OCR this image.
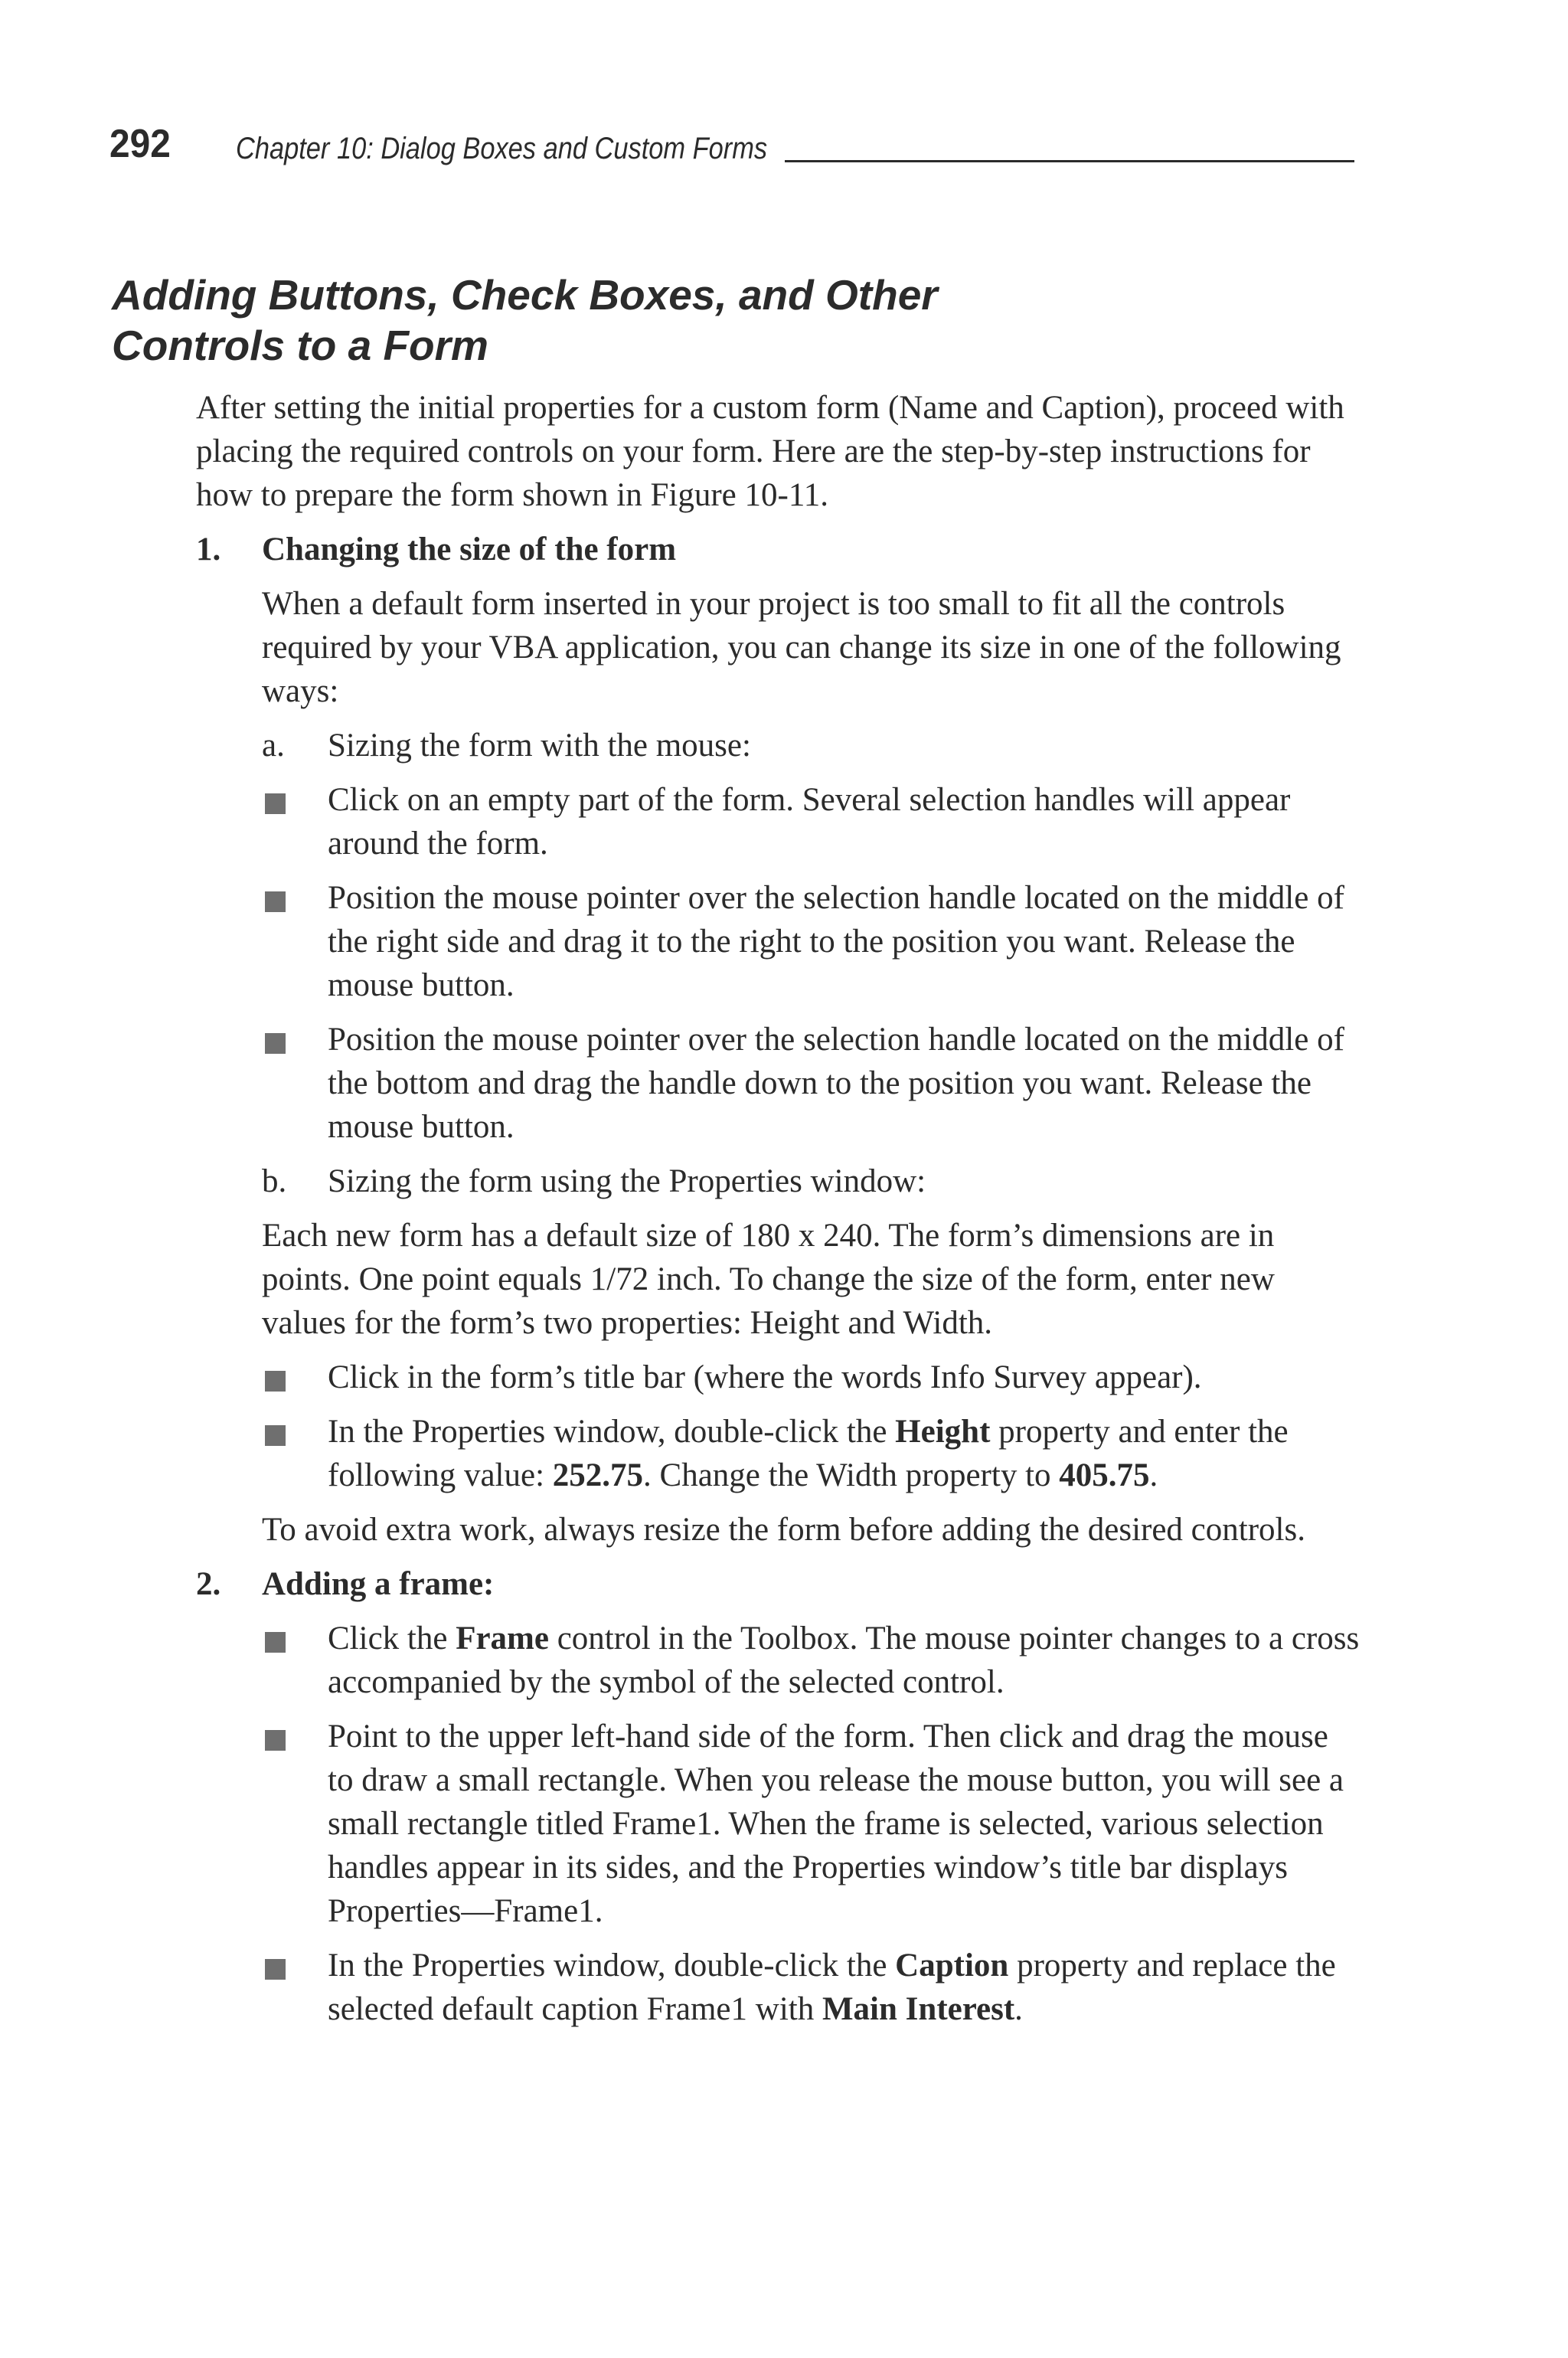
292 Chapter 10: Dialog Boxes and Custom Forms
Adding Buttons, Check Boxes, and Other
Controls to a Form

After setting the initial properties for a custom form (Name and Caption), proceed with placing the required controls on your form. Here are the step-by-step instructions for how to prepare the form shown in Figure 10-11.

1. Changing the size of the form
When a default form inserted in your project is too small to fit all the controls required by your VBA application, you can change its size in one of the following ways:
a. Sizing the form with the mouse:
Click on an empty part of the form. Several selection handles will appear around the form.
Position the mouse pointer over the selection handle located on the middle of the right side and drag it to the right to the position you want. Release the mouse button.
Position the mouse pointer over the selection handle located on the middle of the bottom and drag the handle down to the position you want. Release the mouse button.
b. Sizing the form using the Properties window:
Each new form has a default size of 180 x 240. The form’s dimensions are in points. One point equals 1/72 inch. To change the size of the form, enter new values for the form’s two properties: Height and Width.
Click in the form’s title bar (where the words Info Survey appear).
In the Properties window, double-click the Height property and enter the following value: 252.75. Change the Width property to 405.75.
To avoid extra work, always resize the form before adding the desired controls.
2. Adding a frame:
Click the Frame control in the Toolbox. The mouse pointer changes to a cross accompanied by the symbol of the selected control.
Point to the upper left-hand side of the form. Then click and drag the mouse to draw a small rectangle. When you release the mouse button, you will see a small rectangle titled Frame1. When the frame is selected, various selection handles appear in its sides, and the Properties window’s title bar displays Properties—Frame1.
In the Properties window, double-click the Caption property and replace the selected default caption Frame1 with Main Interest.
